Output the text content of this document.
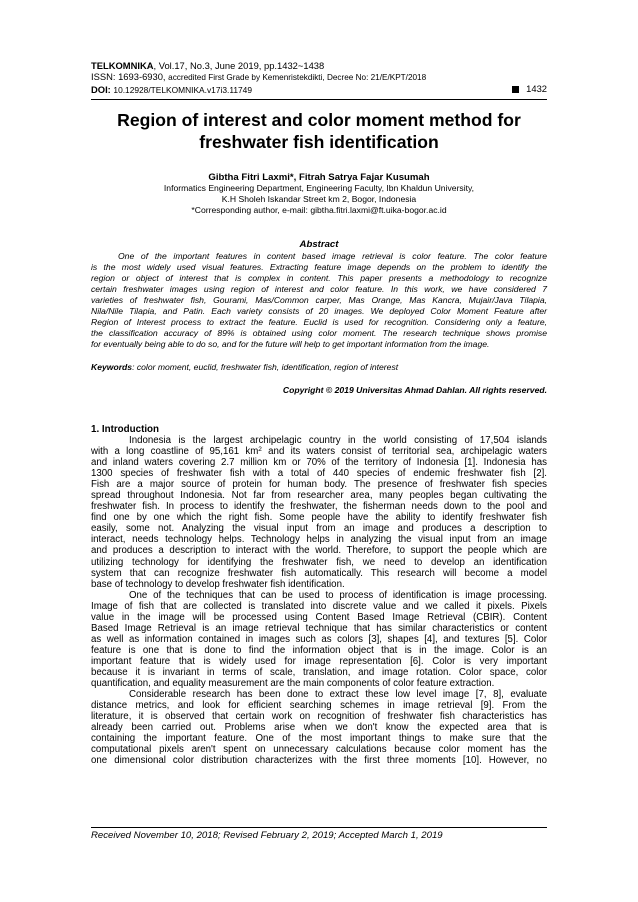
TELKOMNIKA, Vol.17, No.3, June 2019, pp.1432~1438
ISSN: 1693-6930, accredited First Grade by Kemenristekdikti, Decree No: 21/E/KPT/2018
DOI: 10.12928/TELKOMNIKA.v17i3.11749	1432
Region of interest and color moment method for
freshwater fish identification
Gibtha Fitri Laxmi*, Fitrah Satrya Fajar Kusumah
Informatics Engineering Department, Engineering Faculty, Ibn Khaldun University,
K.H Sholeh Iskandar Street km 2, Bogor, Indonesia
*Corresponding author, e-mail: gibtha.fitri.laxmi@ft.uika-bogor.ac.id
Abstract
One of the important features in content based image retrieval is color feature. The color feature
is the most widely used visual features. Extracting feature image depends on the problem to identify the
region or object of interest that is complex in content. This paper presents a methodology to recognize
certain freshwater images using region of interest and color feature. In this work, we have considered 7
varieties of freshwater fish, Gourami, Mas/Common carper, Mas Orange, Mas Kancra, Mujair/Java Tilapia,
Nila/Nile Tilapia, and Patin. Each variety consists of 20 images. We deployed Color Moment Feature after
Region of Interest process to extract the feature. Euclid is used for recognition. Considering only a feature,
the classification accuracy of 89% is obtained using color moment. The research technique shows promise
for eventually being able to do so, and for the future will help to get important information from the image.
Keywords: color moment, euclid, freshwater fish, identification, region of interest
Copyright © 2019 Universitas Ahmad Dahlan. All rights reserved.
1. Introduction
Indonesia is the largest archipelagic country in the world consisting of 17,504 islands
with a long coastline of 95,161 $km^2$ and its waters consist of territorial sea, archipelagic waters
and inland waters covering 2.7 million km or 70% of the territory of Indonesia [1]. Indonesia has
1300 species of freshwater fish with a total of 440 species of endemic freshwater fish [2].
Fish are a major source of protein for human body. The presence of freshwater fish species
spread throughout Indonesia. Not far from researcher area, many peoples began cultivating the
freshwater fish. In process to identify the freshwater, the fisherman needs down to the pool and
find one by one which the right fish. Some people have the ability to identify freshwater fish
easily, some not. Analyzing the visual input from an image and produces a description to
interact, needs technology helps. Technology helps in analyzing the visual input from an image
and produces a description to interact with the world. Therefore, to support the people which are
utilizing technology for identifying the freshwater fish, we need to develop an identification
system that can recognize freshwater fish automatically. This research will become a model
base of technology to develop freshwater fish identification.
One of the techniques that can be used to process of identification is image processing.
Image of fish that are collected is translated into discrete value and we called it pixels. Pixels
value in the image will be processed using Content Based Image Retrieval (CBIR). Content
Based Image Retrieval is an image retrieval technique that has similar characteristics or content
as well as information contained in images such as colors [3], shapes [4], and textures [5]. Color
feature is one that is done to find the information object that is in the image. Color is an
important feature that is widely used for image representation [6]. Color is very important
because it is invariant in terms of scale, translation, and image rotation. Color space, color
quantification, and equality measurement are the main components of color feature extraction.
Considerable research has been done to extract these low level image [7, 8], evaluate
distance metrics, and look for efficient searching schemes in image retrieval [9]. From the
literature, it is observed that certain work on recognition of freshwater fish characteristics has
already been carried out. Problems arise when we don't know the expected area that is
containing the important feature. One of the most important things to make sure that the
computational pixels aren't spent on unnecessary calculations because color moment has the
one dimensional color distribution characterizes with the first three moments [10]. However, no
Received November 10, 2018; Revised February 2, 2019; Accepted March 1, 2019
